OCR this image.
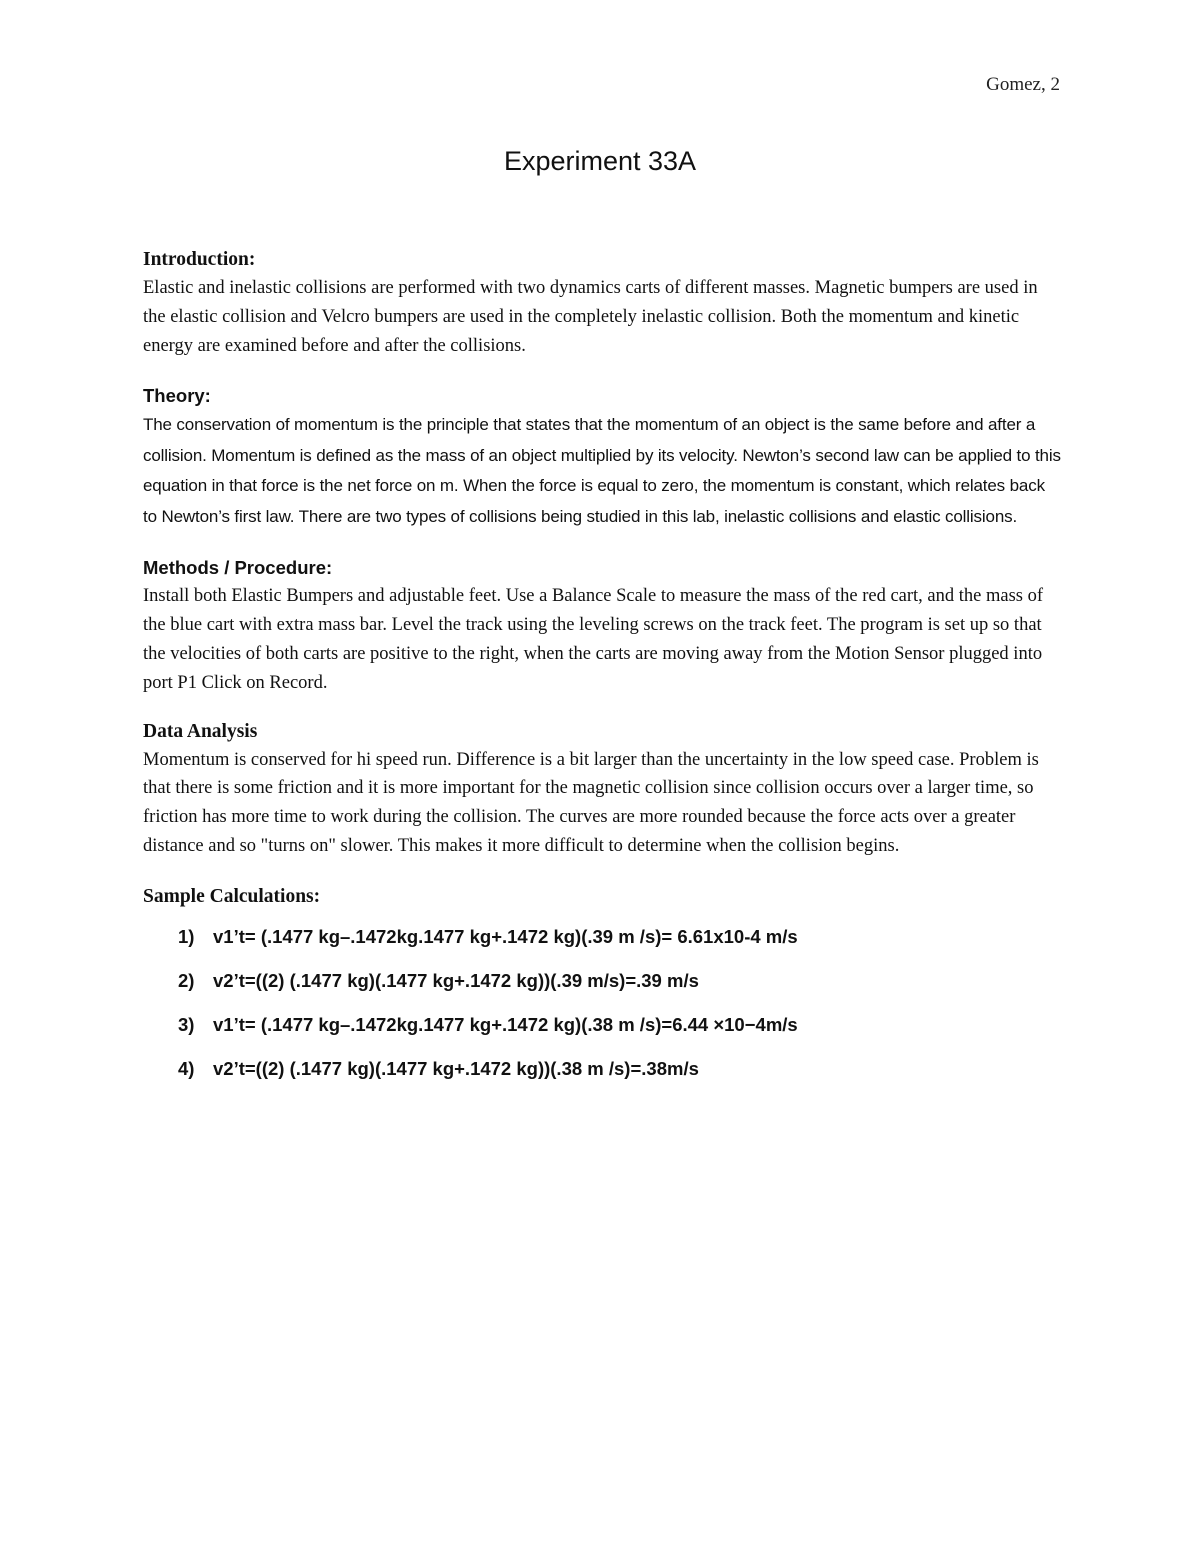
Gomez, 2
Experiment 33A
Introduction:

Elastic and inelastic collisions are performed with two dynamics carts of different masses. Magnetic bumpers are used in the elastic collision and Velcro bumpers are used in the completely inelastic collision. Both the momentum and kinetic energy are examined before and after the collisions.

Theory:

The conservation of momentum is the principle that states that the momentum of an object is the same before and after a collision. Momentum is defined as the mass of an object multiplied by its velocity. Newton’s second law can be applied to this equation in that force is the net force on m. When the force is equal to zero, the momentum is constant, which relates back to Newton’s first law. There are two types of collisions being studied in this lab, inelastic collisions and elastic collisions.

Methods / Procedure:

Install both Elastic Bumpers and adjustable feet. Use a Balance Scale to measure the mass of the red cart, and the mass of the blue cart with extra mass bar. Level the track using the leveling screws on the track feet. The program is set up so that the velocities of both carts are positive to the right, when the carts are moving away from the Motion Sensor plugged into port P1 Click on Record.

Data Analysis

Momentum is conserved for hi speed run. Difference is a bit larger than the uncertainty in the low speed case. Problem is that there is some friction and it is more important for the magnetic collision since collision occurs over a larger time, so friction has more time to work during the collision. The curves are more rounded because the force acts over a greater distance and so "turns on" slower. This makes it more difficult to determine when the collision begins.

Sample Calculations:
1)	v1’t= (.1477 kg–.1472kg.1477 kg+.1472 kg)(.39 m /s)= 6.61x10-4 m/s
2)	v2’t=((2) (.1477 kg)(.1477 kg+.1472 kg))(.39 m/s)=.39 m/s
3)	v1’t= (.1477 kg–.1472kg.1477 kg+.1472 kg)(.38 m /s)=6.44 ×10−4m/s
4)	v2’t=((2) (.1477 kg)(.1477 kg+.1472 kg))(.38 m /s)=.38m/s
